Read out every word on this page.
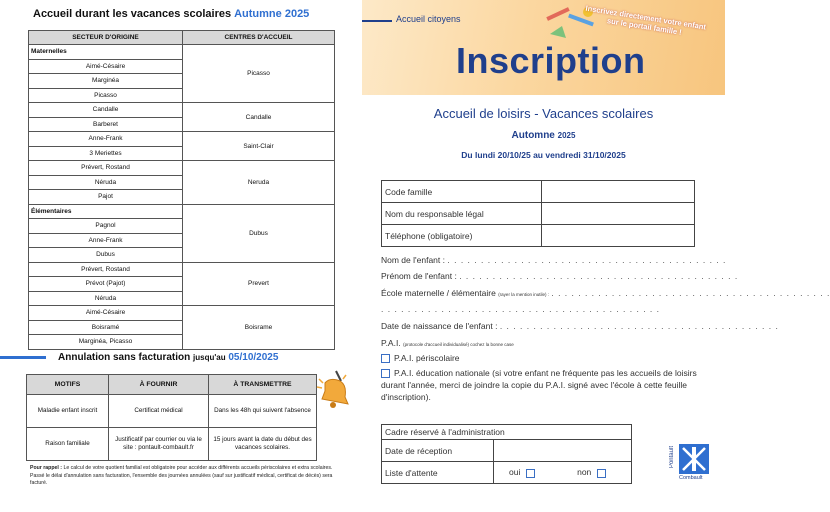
Accueil durant les vacances scolaires Autumne 2025
SECTEUR D'ORIGINE	CENTRES D'ACCUEIL
Maternelles	Picasso
Aimé-Césaire	
Marginéa	
Picasso	
Candalle	Candalle
Barberet	
Anne-Frank	Saint-Clair
3 Meriettes	
Prévert, Rostand	Neruda
Néruda	
Pajot	
Élémentaires	Dubus
Pagnol	
Anne-Frank	
Dubus	
Prévert, Rostand	Prevert
Prévot (Pajot)	
Néruda	
Aimé-Césaire	Boisrame
Boisramé	
Marginéa, Picasso	
Annulation sans facturation jusqu'au 05/10/2025
MOTIFS	À FOURNIR	À TRANSMETTRE
Maladie enfant inscrit	Certificat médical	Dans les 48h qui suivent l'absence
Raison familiale	Justificatif par courrier ou via le site : pontault-combault.fr	15 jours avant la date du début des vacances scolaires.
Pour rappel : Le calcul de votre quotient familial est obligatoire pour accéder aux différents accueils périscolaires et extra scolaires. Passé le délai d'annulation sans facturation, l'ensemble des journées annulées (sauf sur justificatif médical, certificat de décès) sera facturé.
Accueil citoyens	Inscrivez directement votre enfant sur le portail famille !
Inscription
Accueil de loisirs - Vacances scolaires
Automne 2025
Du lundi 20/10/25 au vendredi 31/10/2025
Code famille	
Nom du responsable légal	
Téléphone (obligatoire)	
Nom de l'enfant : . . . . . . . . . . . . . . . . . . . . . . . . . . . . . . . . . . . . . . . . . .
Prénom de l'enfant : . . . . . . . . . . . . . . . . . . . . . . . . . . . . . . . . . . . . . . . . . .
École maternelle / élémentaire (rayer la mention inutile) : . . . . . . . . . . . . . . . . . . . . . . . . . . . . . . . . . . . . . . . . . .
. . . . . . . . . . . . . . . . . . . . . . . . . . . . . . . . . . . . . . . . . .
Date de naissance de l'enfant : . . . . . . . . . . . . . . . . . . . . . . . . . . . . . . . . . . . . . . . . . .
P.A.I. (protocole d'accueil individualisé) cochez la bonne case
P.A.I. périscolaire
P.A.I. éducation nationale (si votre enfant ne fréquente pas les accueils de loisirs durant l'année, merci de joindre la copie du P.A.I. signé avec l'école à cette feuille d'inscription).
Cadre réservé à l'administration	
Date de réception	
Liste d'attente	oui non
Pontault
Combault
